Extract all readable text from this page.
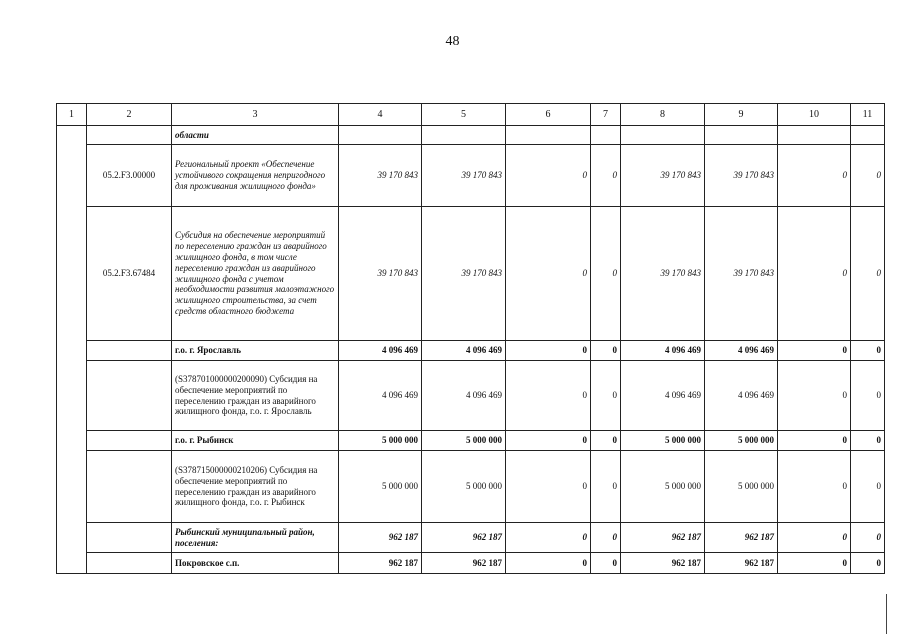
48
1	2	3	4	5	6	7	8	9	10	11
		области								
	05.2.F3.00000	Региональный проект «Обеспечение устойчивого сокращения непригодного для проживания жилищного фонда»	39 170 843	39 170 843	0	0	39 170 843	39 170 843	0	0
	05.2.F3.67484	Субсидия на обеспечение мероприятий по переселению граждан из аварийного жилищного фонда, в том числе переселению граждан из аварийного жилищного фонда с учетом необходимости развития малоэтажного жилищного строительства, за счет средств областного бюджета	39 170 843	39 170 843	0	0	39 170 843	39 170 843	0	0
		г.о. г. Ярославль	4 096 469	4 096 469	0	0	4 096 469	4 096 469	0	0
		(S378701000000200090) Субсидия на обеспечение мероприятий по переселению граждан из аварийного жилищного фонда, г.о. г. Ярославль	4 096 469	4 096 469	0	0	4 096 469	4 096 469	0	0
		г.о. г. Рыбинск	5 000 000	5 000 000	0	0	5 000 000	5 000 000	0	0
		(S378715000000210206) Субсидия на обеспечение мероприятий по переселению граждан из аварийного жилищного фонда, г.о. г. Рыбинск	5 000 000	5 000 000	0	0	5 000 000	5 000 000	0	0
		Рыбинский муниципальный район, поселения:	962 187	962 187	0	0	962 187	962 187	0	0
		Покровское с.п.	962 187	962 187	0	0	962 187	962 187	0	0
